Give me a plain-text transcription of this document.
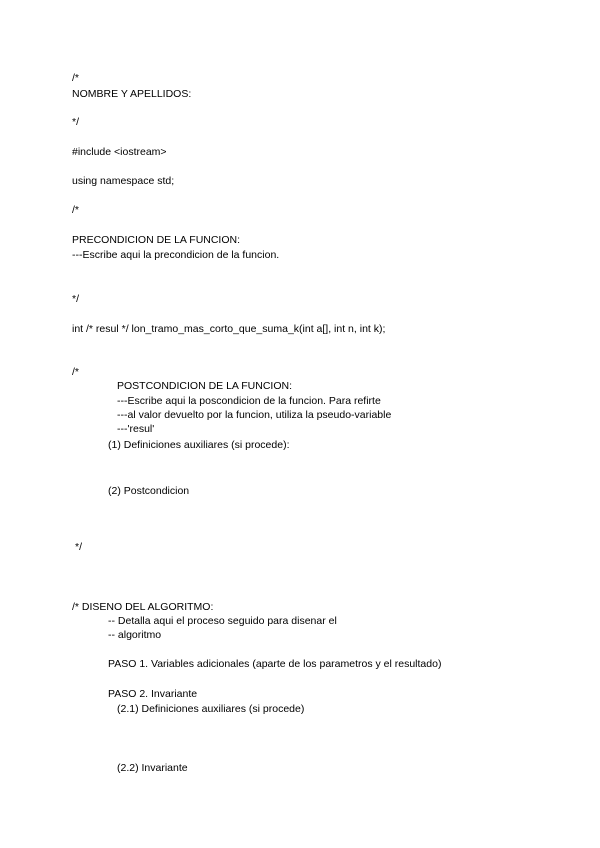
/*
NOMBRE Y APELLIDOS:
*/
#include <iostream>
using namespace std;
/*
PRECONDICION DE LA FUNCION:
---Escribe aqui la precondicion de la funcion.
*/
int /* resul */ lon_tramo_mas_corto_que_suma_k(int a[], int n, int k);
/*
POSTCONDICION DE LA FUNCION:
---Escribe aqui la poscondicion de la funcion. Para refirte
---al valor devuelto por la funcion, utiliza la pseudo-variable
---'resul'
(1) Definiciones auxiliares (si procede):
(2) Postcondicion
*/
/* DISENO DEL ALGORITMO:
-- Detalla aqui el proceso seguido para disenar el
-- algoritmo
PASO 1. Variables adicionales (aparte de los parametros y el resultado)
PASO 2. Invariante
(2.1) Definiciones auxiliares (si procede)
(2.2) Invariante
